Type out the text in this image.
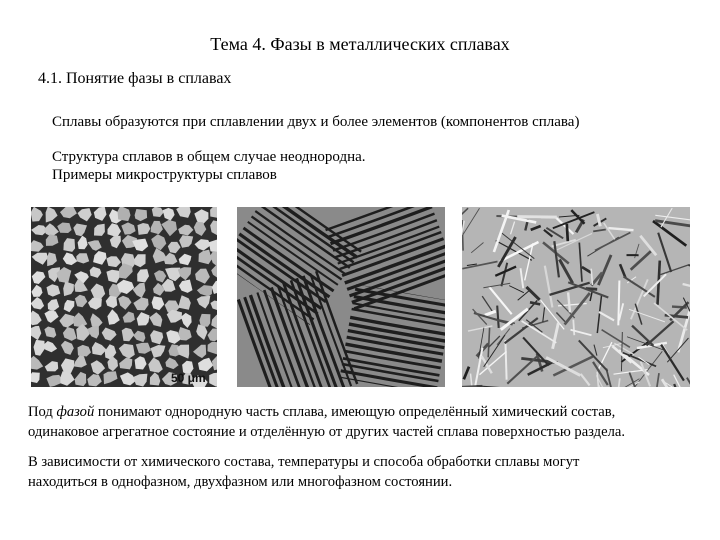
Тема 4. Фазы в металлических сплавах
4.1. Понятие фазы в сплавах
Сплавы образуются при сплавлении двух и более элементов (компонентов сплава)
Структура сплавов в общем случае неоднородна.
Примеры микроструктуры сплавов
50 μm
Под фазой понимают однородную часть сплава, имеющую определённый химический состав,
одинаковое агрегатное состояние и отделённую от других частей сплава поверхностью раздела.
В зависимости от химического состава, температуры и способа обработки сплавы могут
находиться в однофазном, двухфазном или многофазном состоянии.
